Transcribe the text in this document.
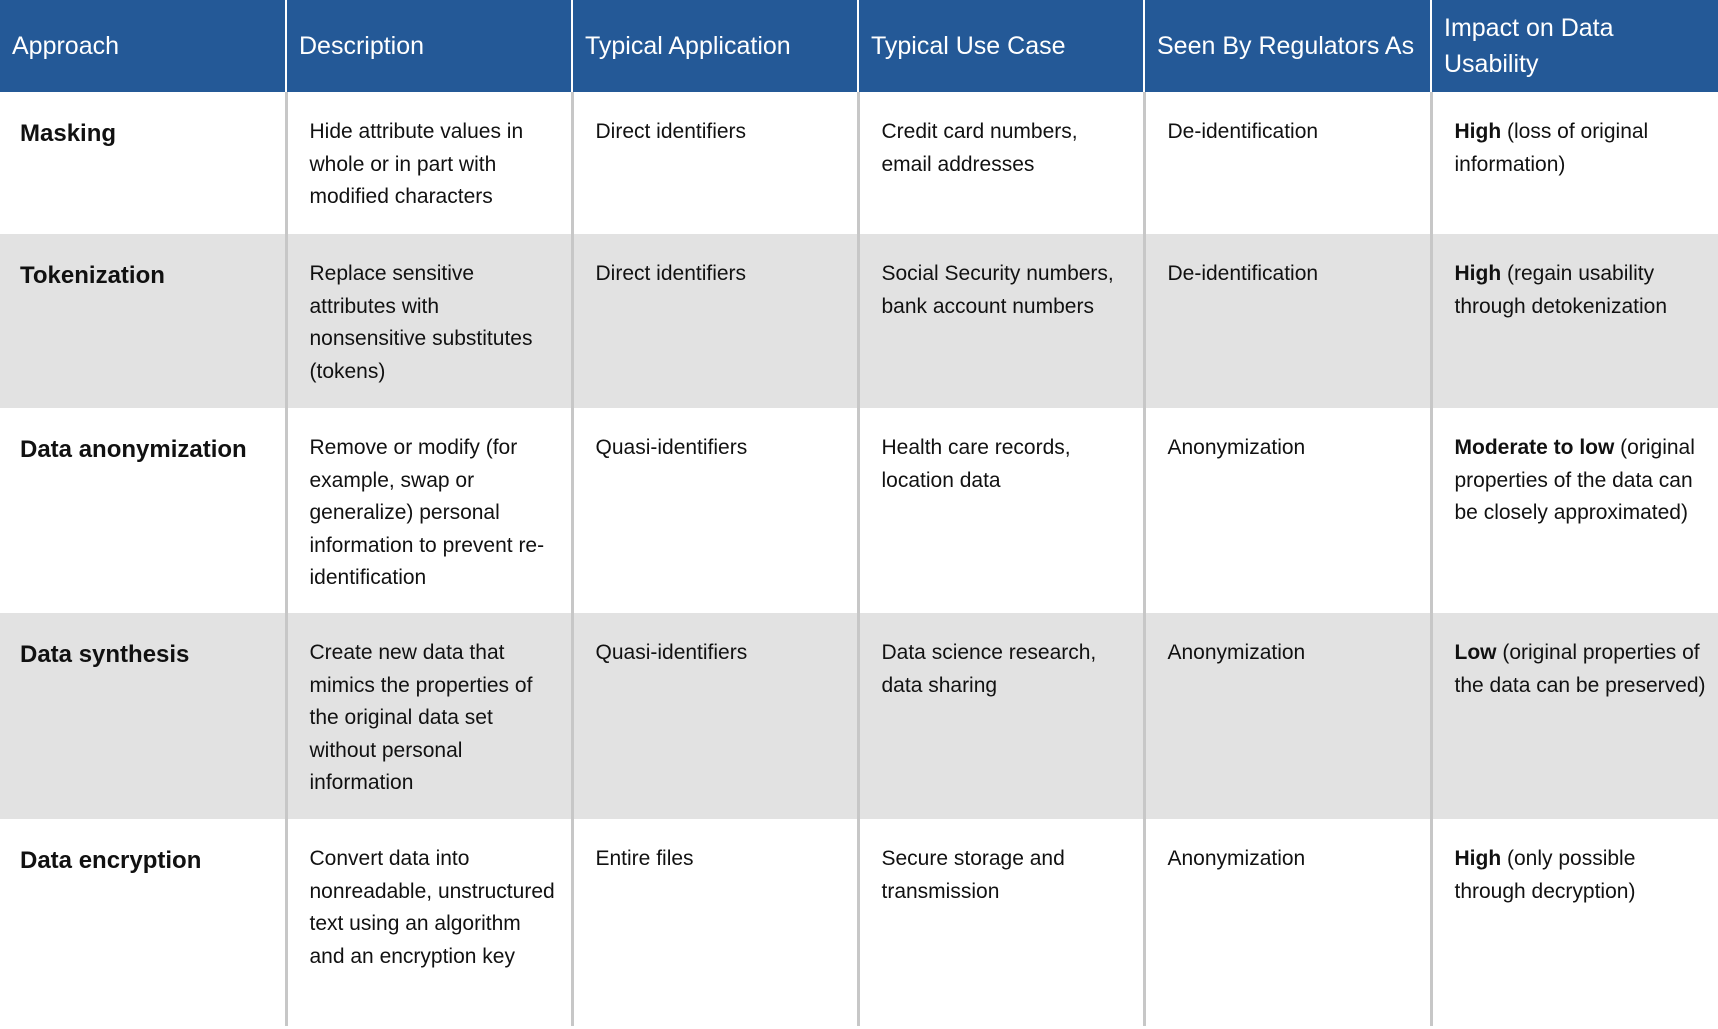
Approach	Description	Typical Application	Typical Use Case	Seen By Regulators As	Impact on Data Usability
Masking	Hide attribute values in whole or in part with modified characters	Direct identifiers	Credit card numbers, email addresses	De-identification	High (loss of original information)
Tokenization	Replace sensitive attributes with nonsensitive substitutes (tokens)	Direct identifiers	Social Security numbers, bank account numbers	De-identification	High (regain usability through detokenization
Data anonymization	Remove or modify (for example, swap or generalize) personal information to prevent re-identification	Quasi-identifiers	Health care records, location data	Anonymization	Moderate to low (original properties of the data can be closely approximated)
Data synthesis	Create new data that mimics the properties of the original data set without personal information	Quasi-identifiers	Data science research, data sharing	Anonymization	Low (original properties of the data can be preserved)
Data encryption	Convert data into nonreadable, unstructured text using an algorithm and an encryption key	Entire files	Secure storage and transmission	Anonymization	High (only possible through decryption)
